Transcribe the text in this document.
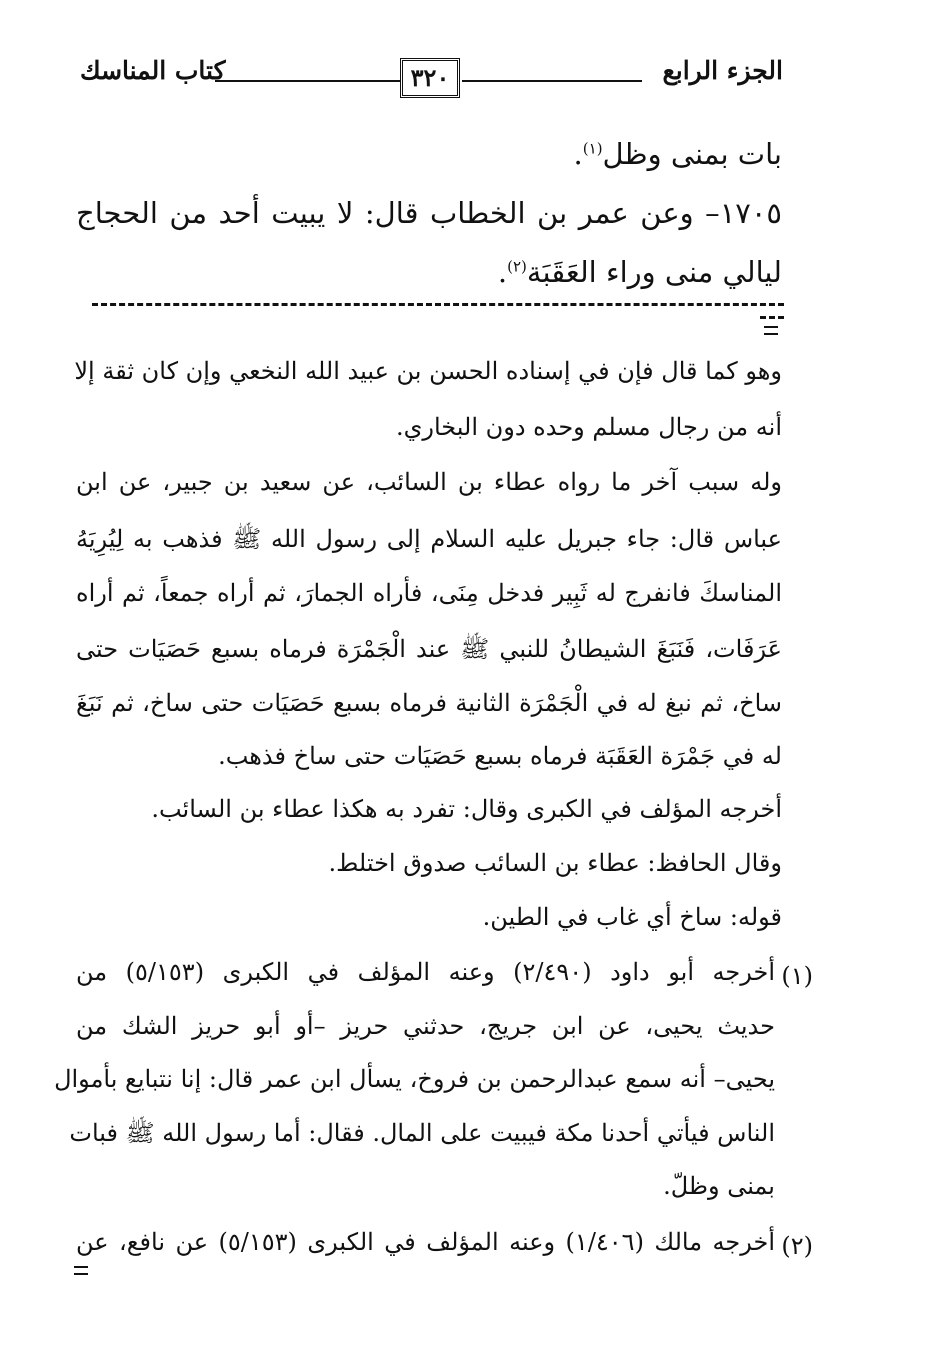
الجزء الرابع
٣٢٠
كتاب المناسك
بات بمنى وظل$^{(١)}$.
١٧٠٥– وعن عمر بن الخطاب قال: لا يبيت أحد من الحجاج
ليالي منى وراء العَقَبَة$^{(٢)}$.
وهو كما قال فإن في إسناده الحسن بن عبيد الله النخعي وإن كان ثقة إلا
أنه من رجال مسلم وحده دون البخاري.
وله سبب آخر ما رواه عطاء بن السائب، عن سعيد بن جبير، عن ابن
عباس قال: جاء جبريل عليه السلام إلى رسول الله ﷺ فذهب به لِيُرِيَهُ
المناسكَ فانفرج له ثَبِير فدخل مِنَى، فأراه الجمارَ، ثم أراه جمعاً، ثم أراه
عَرَفَات، فَنَبَغَ الشيطانُ للنبي ﷺ عند الْجَمْرَة فرماه بسبع حَصَيَات حتى
ساخ، ثم نبغ له في الْجَمْرَة الثانية فرماه بسبع حَصَيَات حتى ساخ، ثم نَبَغَ
له في جَمْرَة العَقَبَة فرماه بسبع حَصَيَات حتى ساخ فذهب.
أخرجه المؤلف في الكبرى وقال: تفرد به هكذا عطاء بن السائب.
وقال الحافظ: عطاء بن السائب صدوق اختلط.
قوله: ساخ أي غاب في الطين.
(١)
أخرجه أبو داود (٢/٤٩٠) وعنه المؤلف في الكبرى (٥/١٥٣) من
حديث يحيى، عن ابن جريج، حدثني حريز –أو أبو حريز الشك من
يحيى– أنه سمع عبدالرحمن بن فروخ، يسأل ابن عمر قال: إنا نتبايع بأموال
الناس فيأتي أحدنا مكة فيبيت على المال. فقال: أما رسول الله ﷺ فبات
بمنى وظلّ.
(٢)
أخرجه مالك (١/٤٠٦) وعنه المؤلف في الكبرى (٥/١٥٣) عن نافع، عن
